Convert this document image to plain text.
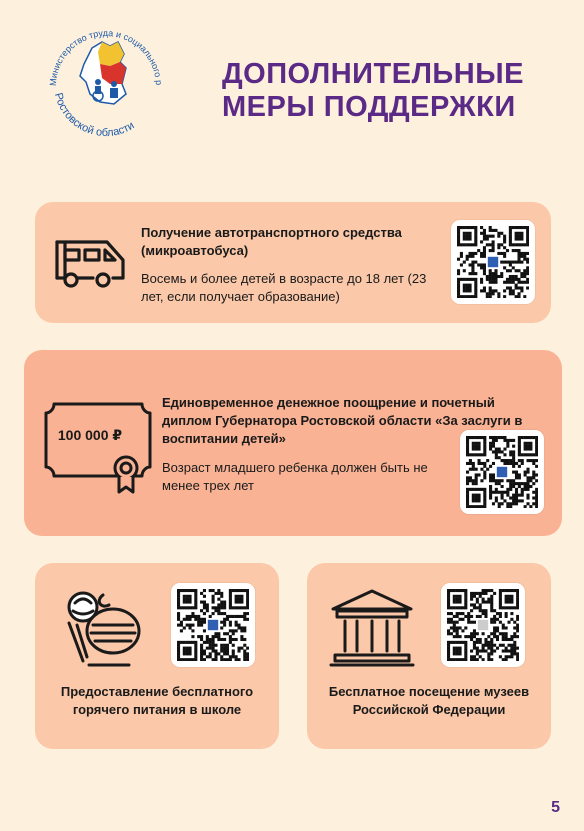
Министерство труда и социального р
Ростовской области
ДОПОЛНИТЕЛЬНЫЕ
МЕРЫ ПОДДЕРЖКИ

Получение автотранспортного средства (микроавтобуса)
Восемь и более детей в возрасте до 18 лет (23 лет, если получает образование)

100 000 ₽

Единовременное денежное поощрение и почетный диплом Губернатора Ростовской области «За заслуги в воспитании детей»

Возраст младшего ребенка должен быть не менее трех лет

Предоставление бесплатного горячего питания в школе

Бесплатное посещение музеев Российской Федерации

5
